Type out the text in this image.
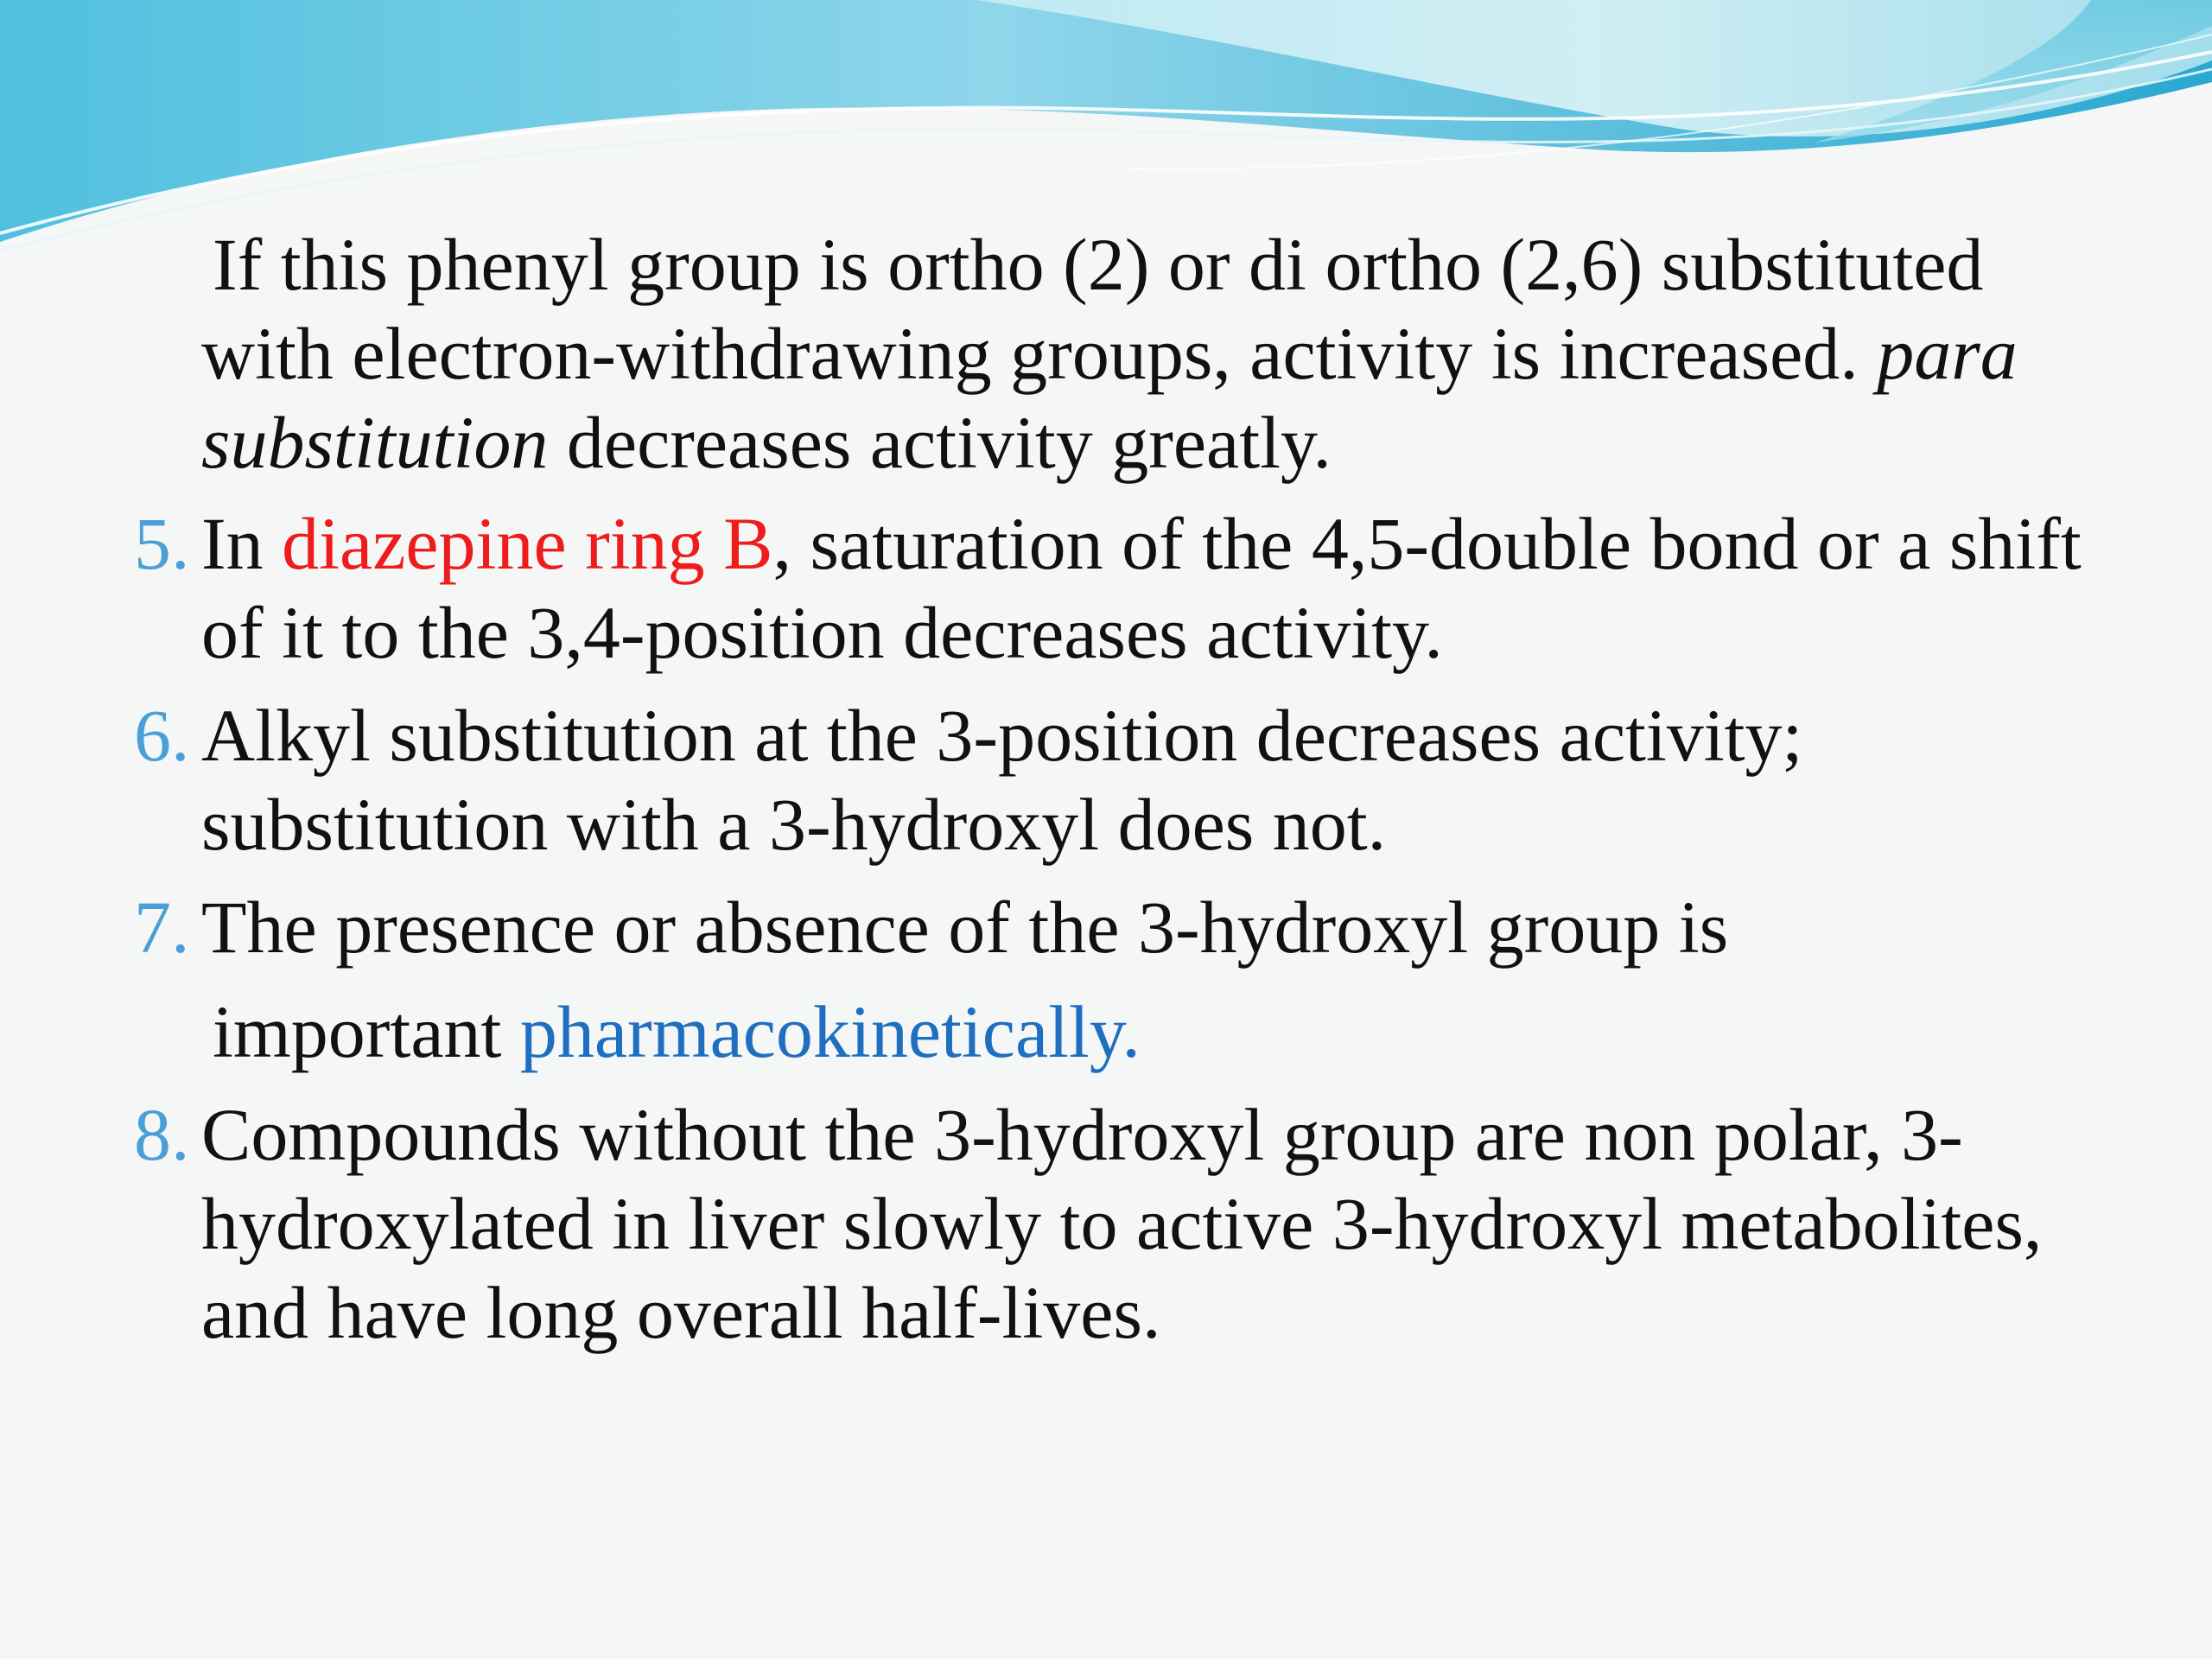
If this phenyl group is ortho (2) or di ortho (2,6) substituted with electron-withdrawing groups, activity is increased. para substitution decreases activity greatly.

5. In diazepine ring B, saturation of the 4,5-double bond or a shift of it to the 3,4-position decreases activity.

6. Alkyl substitution at the 3-position decreases activity; substitution with a 3-hydroxyl does not.

7. The presence or absence of the 3-hydroxyl group is
important pharmacokinetically.

8. Compounds without the 3-hydroxyl group are non polar, 3-hydroxylated in liver slowly to active 3-hydroxyl metabolites, and have long overall half-lives.
